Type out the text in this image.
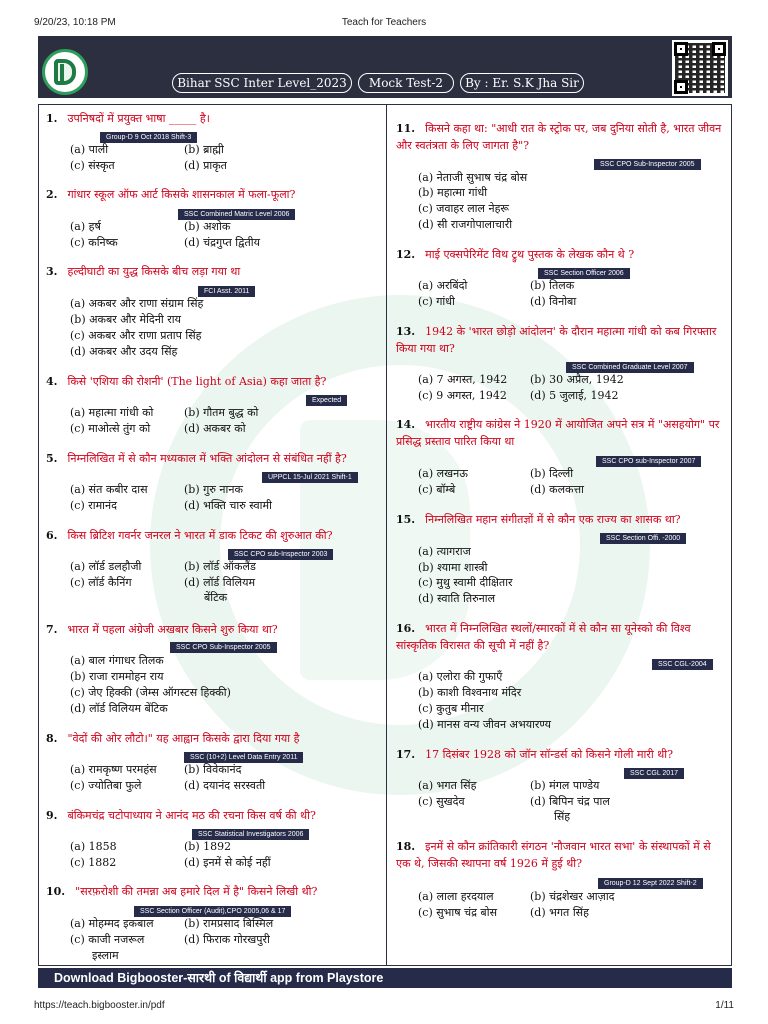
9/20/23, 10:18 PM	Teach for Teachers
Bihar SSC Inter Level_2023	Mock Test-2	By : Er. S.K Jha Sir
1. उपनिषदों में प्रयुक्त भाषा _____ है।
Group-D 9 Oct 2018 Shift-3
(a) पाली	(b) ब्राह्मी
(c) संस्कृत	(d) प्राकृत
2. गांधार स्कूल ऑफ आर्ट किसके शासनकाल में फला-फूला?
SSC Combined Matric Level 2006
(a) हर्ष	(b) अशोक
(c) कनिष्क	(d) चंद्रगुप्त द्वितीय
3. हल्दीघाटी का युद्ध किसके बीच लड़ा गया था
FCI Asst. 2011
(a) अकबर और राणा संग्राम सिंह
(b) अकबर और मेदिनी राय
(c) अकबर और राणा प्रताप सिंह
(d) अकबर और उदय सिंह
4. किसे 'एशिया की रोशनी' (The light of Asia) कहा जाता है?
Expected
(a) महात्मा गांधी को	(b) गौतम बुद्ध को
(c) माओत्से तुंग को	(d) अकबर को
5. निम्नलिखित में से कौन मध्यकाल में भक्ति आंदोलन से संबंधित नहीं है?
UPPCL 15-Jul 2021 Shift-1
(a) संत कबीर दास	(b) गुरु नानक
(c) रामानंद	(d) भक्ति चारु स्वामी
6. किस ब्रिटिश गवर्नर जनरल ने भारत में डाक टिकट की शुरुआत की?
SSC CPO sub-Inspector 2003
(a) लॉर्ड डलहौजी	(b) लॉर्ड ऑकलैंड
(c) लॉर्ड कैनिंग	(d) लॉर्ड विलियम
बेंटिक
7. भारत में पहला अंग्रेजी अखबार किसने शुरु किया था?
SSC CPO Sub-Inspector 2005
(a) बाल गंगाधर तिलक
(b) राजा राममोहन राय
(c) जेए हिक्की (जेम्स ऑगस्टस हिक्की)
(d) लॉर्ड विलियम बेंटिक
8. "वेदों की ओर लौटो।" यह आह्वान किसके द्वारा दिया गया है
SSC (10+2) Level Data Entry 2011
(a) रामकृष्ण परमहंस (b) विवेकानंद
(c) ज्योतिबा फुले	(d) दयानंद सरस्वती
9. बंकिमचंद्र चटोपाध्याय ने आनंद मठ की रचना किस वर्ष की थी?
SSC Statistical Investigators 2006
(a) 1858	(b) 1892
(c) 1882	(d) इनमें से कोई नहीं
10. "सरफ़रोशी की तमन्ना अब हमारे दिल में है" किसने लिखी थी?
SSC Section Officer (Audit),CPO 2005,06 & 17
(a) मोहम्मद इकबाल	(b) रामप्रसाद बिस्मिल
(c) काजी नजरूल	(d) फिराक गोरखपुरी
इस्लाम
11. किसने कहा था: "आधी रात के स्ट्रोक पर, जब दुनिया सोती है, भारत जीवन और स्वतंत्रता के लिए जागता है"?
SSC CPO Sub-Inspector 2005
(a) नेताजी सुभाष चंद्र बोस
(b) महात्मा गांधी
(c) जवाहर लाल नेहरू
(d) सी राजगोपालाचारी
12. माई एक्सपेरिमेंट विथ ट्रुथ पुस्तक के लेखक कौन थे ?
SSC Section Officer 2006
(a) अरबिंदो	(b) तिलक
(c) गांधी	(d) विनोबा
13. 1942 के 'भारत छोड़ो आंदोलन' के दौरान महात्मा गांधी को कब गिरफ्तार किया गया था?
SSC Combined Graduate Level 2007
(a) 7 अगस्त, 1942 (b) 30 अप्रैल, 1942
(c) 9 अगस्त, 1942 (d) 5 जुलाई, 1942
14. भारतीय राष्ट्रीय कांग्रेस ने 1920 में आयोजित अपने सत्र में "असहयोग" पर प्रसिद्ध प्रस्ताव पारित किया था
SSC CPO sub-Inspector 2007
(a) लखनऊ	(b) दिल्ली
(c) बॉम्बे	(d) कलकत्ता
15. निम्नलिखित महान संगीतज्ञों में से कौन एक राज्य का शासक था?
SSC Section Offi. -2000
(a) त्यागराज
(b) श्यामा शास्त्री
(c) मुथु स्वामी दीक्षितार
(d) स्वाति तिरुनाल
16. भारत में निम्नलिखित स्थलों/स्मारकों में से कौन सा यूनेस्को की विश्व सांस्कृतिक विरासत की सूची में नहीं है?
SSC CGL-2004
(a) एलोरा की गुफाएँ
(b) काशी विश्वनाथ मंदिर
(c) कुतुब मीनार
(d) मानस वन्य जीवन अभयारण्य
17. 17 दिसंबर 1928 को जॉन सॉन्डर्स को किसने गोली मारी थी?
SSC CGL 2017
(a) भगत सिंह	(b) मंगल पाण्डेय
(c) सुखदेव	(d) बिपिन चंद्र पाल
सिंह
18. इनमें से कौन क्रांतिकारी संगठन 'नौजवान भारत सभा' के संस्थापकों में से एक थे, जिसकी स्थापना वर्ष 1926 में हुई थी?
Group-D 12 Sept 2022 Shift-2
(a) लाला हरदयाल	(b) चंद्रशेखर आज़ाद
(c) सुभाष चंद्र बोस	(d) भगत सिंह
Download Bigbooster-सारथी of विद्यार्थी app from Playstore
https://teach.bigbooster.in/pdf	1/11
